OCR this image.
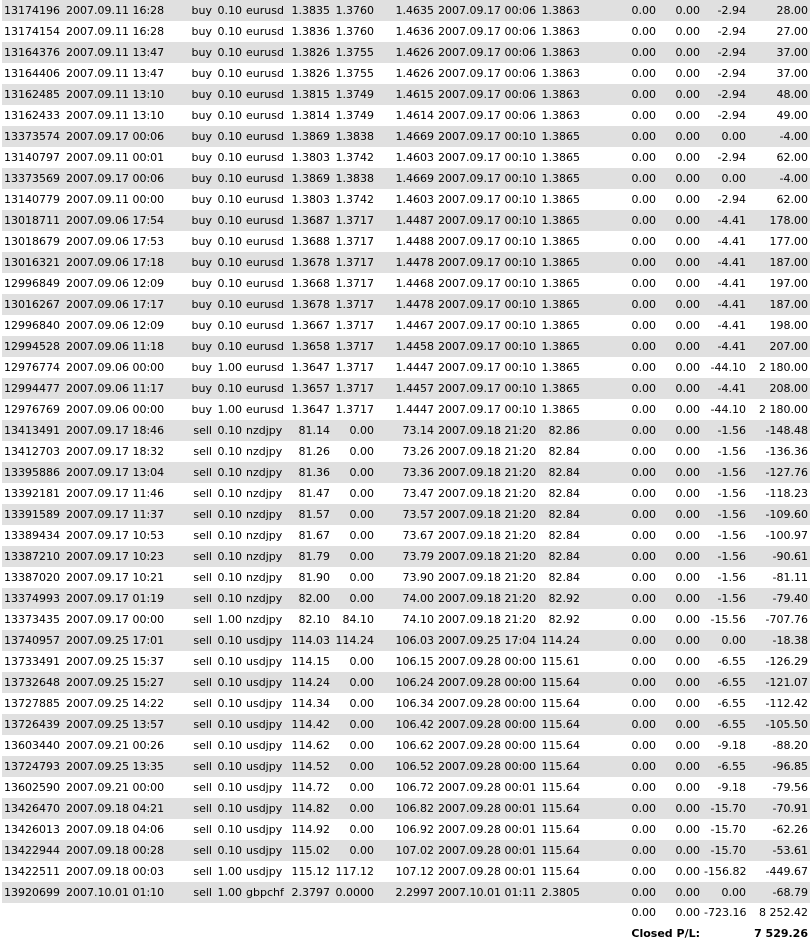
13174196	2007.09.11 16:28	buy	0.10	eurusd	1.3835	1.3760	1.4635	2007.09.17 00:06	1.3863	0.00	0.00	-2.94	28.00
13174154	2007.09.11 16:28	buy	0.10	eurusd	1.3836	1.3760	1.4636	2007.09.17 00:06	1.3863	0.00	0.00	-2.94	27.00
13164376	2007.09.11 13:47	buy	0.10	eurusd	1.3826	1.3755	1.4626	2007.09.17 00:06	1.3863	0.00	0.00	-2.94	37.00
13164406	2007.09.11 13:47	buy	0.10	eurusd	1.3826	1.3755	1.4626	2007.09.17 00:06	1.3863	0.00	0.00	-2.94	37.00
13162485	2007.09.11 13:10	buy	0.10	eurusd	1.3815	1.3749	1.4615	2007.09.17 00:06	1.3863	0.00	0.00	-2.94	48.00
13162433	2007.09.11 13:10	buy	0.10	eurusd	1.3814	1.3749	1.4614	2007.09.17 00:06	1.3863	0.00	0.00	-2.94	49.00
13373574	2007.09.17 00:06	buy	0.10	eurusd	1.3869	1.3838	1.4669	2007.09.17 00:10	1.3865	0.00	0.00	0.00	-4.00
13140797	2007.09.11 00:01	buy	0.10	eurusd	1.3803	1.3742	1.4603	2007.09.17 00:10	1.3865	0.00	0.00	-2.94	62.00
13373569	2007.09.17 00:06	buy	0.10	eurusd	1.3869	1.3838	1.4669	2007.09.17 00:10	1.3865	0.00	0.00	0.00	-4.00
13140779	2007.09.11 00:00	buy	0.10	eurusd	1.3803	1.3742	1.4603	2007.09.17 00:10	1.3865	0.00	0.00	-2.94	62.00
13018711	2007.09.06 17:54	buy	0.10	eurusd	1.3687	1.3717	1.4487	2007.09.17 00:10	1.3865	0.00	0.00	-4.41	178.00
13018679	2007.09.06 17:53	buy	0.10	eurusd	1.3688	1.3717	1.4488	2007.09.17 00:10	1.3865	0.00	0.00	-4.41	177.00
13016321	2007.09.06 17:18	buy	0.10	eurusd	1.3678	1.3717	1.4478	2007.09.17 00:10	1.3865	0.00	0.00	-4.41	187.00
12996849	2007.09.06 12:09	buy	0.10	eurusd	1.3668	1.3717	1.4468	2007.09.17 00:10	1.3865	0.00	0.00	-4.41	197.00
13016267	2007.09.06 17:17	buy	0.10	eurusd	1.3678	1.3717	1.4478	2007.09.17 00:10	1.3865	0.00	0.00	-4.41	187.00
12996840	2007.09.06 12:09	buy	0.10	eurusd	1.3667	1.3717	1.4467	2007.09.17 00:10	1.3865	0.00	0.00	-4.41	198.00
12994528	2007.09.06 11:18	buy	0.10	eurusd	1.3658	1.3717	1.4458	2007.09.17 00:10	1.3865	0.00	0.00	-4.41	207.00
12976774	2007.09.06 00:00	buy	1.00	eurusd	1.3647	1.3717	1.4447	2007.09.17 00:10	1.3865	0.00	0.00	-44.10	2 180.00
12994477	2007.09.06 11:17	buy	0.10	eurusd	1.3657	1.3717	1.4457	2007.09.17 00:10	1.3865	0.00	0.00	-4.41	208.00
12976769	2007.09.06 00:00	buy	1.00	eurusd	1.3647	1.3717	1.4447	2007.09.17 00:10	1.3865	0.00	0.00	-44.10	2 180.00
13413491	2007.09.17 18:46	sell	0.10	nzdjpy	81.14	0.00	73.14	2007.09.18 21:20	82.86	0.00	0.00	-1.56	-148.48
13412703	2007.09.17 18:32	sell	0.10	nzdjpy	81.26	0.00	73.26	2007.09.18 21:20	82.84	0.00	0.00	-1.56	-136.36
13395886	2007.09.17 13:04	sell	0.10	nzdjpy	81.36	0.00	73.36	2007.09.18 21:20	82.84	0.00	0.00	-1.56	-127.76
13392181	2007.09.17 11:46	sell	0.10	nzdjpy	81.47	0.00	73.47	2007.09.18 21:20	82.84	0.00	0.00	-1.56	-118.23
13391589	2007.09.17 11:37	sell	0.10	nzdjpy	81.57	0.00	73.57	2007.09.18 21:20	82.84	0.00	0.00	-1.56	-109.60
13389434	2007.09.17 10:53	sell	0.10	nzdjpy	81.67	0.00	73.67	2007.09.18 21:20	82.84	0.00	0.00	-1.56	-100.97
13387210	2007.09.17 10:23	sell	0.10	nzdjpy	81.79	0.00	73.79	2007.09.18 21:20	82.84	0.00	0.00	-1.56	-90.61
13387020	2007.09.17 10:21	sell	0.10	nzdjpy	81.90	0.00	73.90	2007.09.18 21:20	82.84	0.00	0.00	-1.56	-81.11
13374993	2007.09.17 01:19	sell	0.10	nzdjpy	82.00	0.00	74.00	2007.09.18 21:20	82.92	0.00	0.00	-1.56	-79.40
13373435	2007.09.17 00:00	sell	1.00	nzdjpy	82.10	84.10	74.10	2007.09.18 21:20	82.92	0.00	0.00	-15.56	-707.76
13740957	2007.09.25 17:01	sell	0.10	usdjpy	114.03	114.24	106.03	2007.09.25 17:04	114.24	0.00	0.00	0.00	-18.38
13733491	2007.09.25 15:37	sell	0.10	usdjpy	114.15	0.00	106.15	2007.09.28 00:00	115.61	0.00	0.00	-6.55	-126.29
13732648	2007.09.25 15:27	sell	0.10	usdjpy	114.24	0.00	106.24	2007.09.28 00:00	115.64	0.00	0.00	-6.55	-121.07
13727885	2007.09.25 14:22	sell	0.10	usdjpy	114.34	0.00	106.34	2007.09.28 00:00	115.64	0.00	0.00	-6.55	-112.42
13726439	2007.09.25 13:57	sell	0.10	usdjpy	114.42	0.00	106.42	2007.09.28 00:00	115.64	0.00	0.00	-6.55	-105.50
13603440	2007.09.21 00:26	sell	0.10	usdjpy	114.62	0.00	106.62	2007.09.28 00:00	115.64	0.00	0.00	-9.18	-88.20
13724793	2007.09.25 13:35	sell	0.10	usdjpy	114.52	0.00	106.52	2007.09.28 00:00	115.64	0.00	0.00	-6.55	-96.85
13602590	2007.09.21 00:00	sell	0.10	usdjpy	114.72	0.00	106.72	2007.09.28 00:01	115.64	0.00	0.00	-9.18	-79.56
13426470	2007.09.18 04:21	sell	0.10	usdjpy	114.82	0.00	106.82	2007.09.28 00:01	115.64	0.00	0.00	-15.70	-70.91
13426013	2007.09.18 04:06	sell	0.10	usdjpy	114.92	0.00	106.92	2007.09.28 00:01	115.64	0.00	0.00	-15.70	-62.26
13422944	2007.09.18 00:28	sell	0.10	usdjpy	115.02	0.00	107.02	2007.09.28 00:01	115.64	0.00	0.00	-15.70	-53.61
13422511	2007.09.18 00:03	sell	1.00	usdjpy	115.12	117.12	107.12	2007.09.28 00:01	115.64	0.00	0.00	-156.82	-449.67
13920699	2007.10.01 01:10	sell	1.00	gbpchf	2.3797	0.0000	2.2997	2007.10.01 01:11	2.3805	0.00	0.00	0.00	-68.79
										0.00	0.00	-723.16	8 252.42
										Closed P/L:		7 529.26	
